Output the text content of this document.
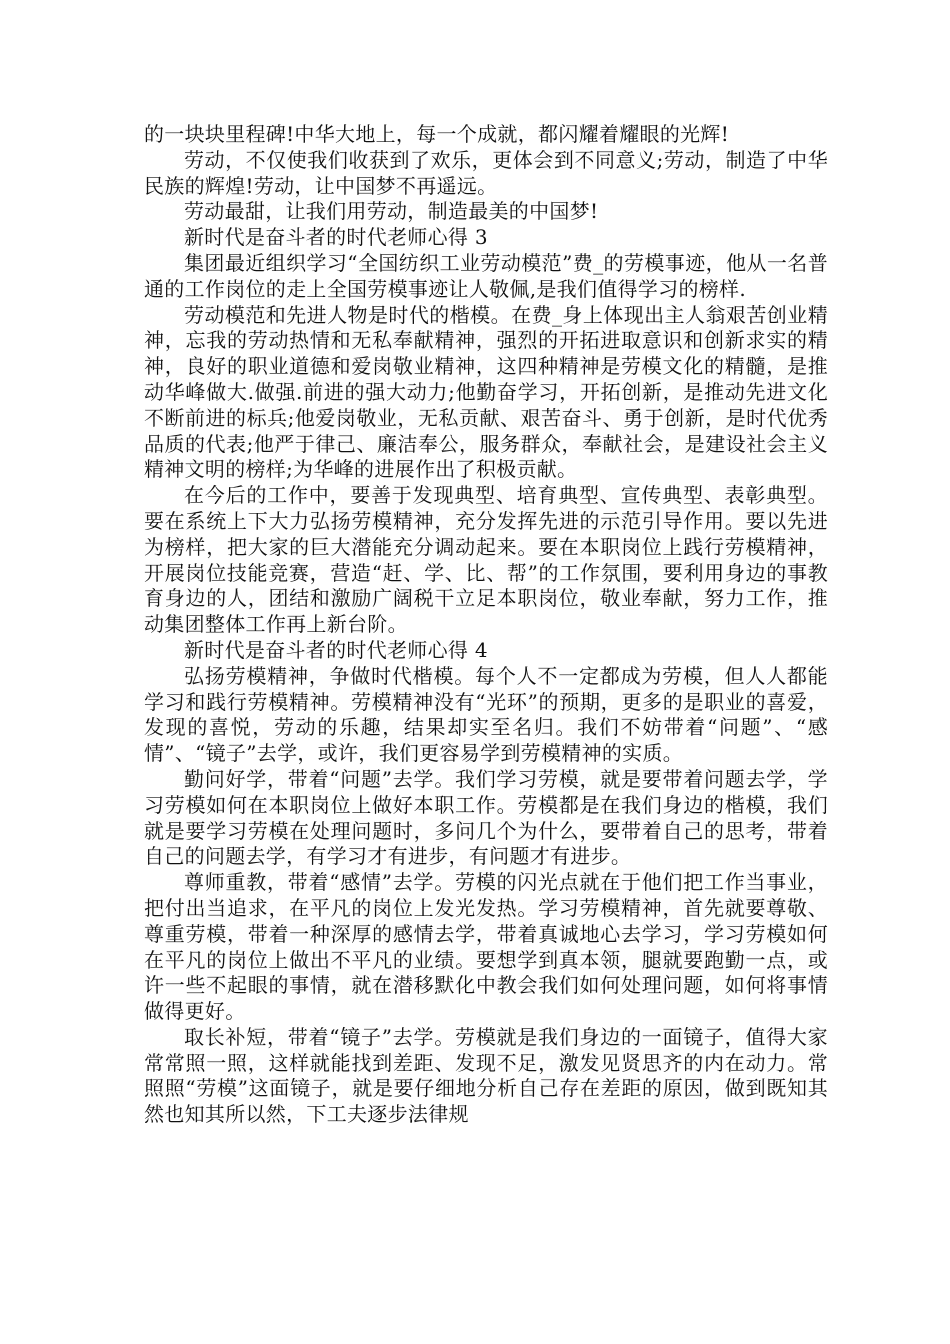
的一块块里程碑!中华大地上，每一个成就，都闪耀着耀眼的光辉!

劳动，不仅使我们收获到了欢乐，更体会到不同意义;劳动，制造了中华民族的辉煌!劳动，让中国梦不再遥远。

劳动最甜，让我们用劳动，制造最美的中国梦!

新时代是奋斗者的时代老师心得 3

集团最近组织学习“全国纺织工业劳动模范”费_的劳模事迹，他从一名普通的工作岗位的走上全国劳模事迹让人敬佩,是我们值得学习的榜样.

劳动模范和先进人物是时代的楷模。在费_身上体现出主人翁艰苦创业精神，忘我的劳动热情和无私奉献精神，强烈的开拓进取意识和创新求实的精神，良好的职业道德和爱岗敬业精神，这四种精神是劳模文化的精髓，是推动华峰做大.做强.前进的强大动力;他勤奋学习，开拓创新，是推动先进文化不断前进的标兵;他爱岗敬业，无私贡献、艰苦奋斗、勇于创新，是时代优秀品质的代表;他严于律己、廉洁奉公，服务群众，奉献社会，是建设社会主义精神文明的榜样;为华峰的进展作出了积极贡献。

在今后的工作中，要善于发现典型、培育典型、宣传典型、表彰典型。要在系统上下大力弘扬劳模精神，充分发挥先进的示范引导作用。要以先进为榜样，把大家的巨大潜能充分调动起来。要在本职岗位上践行劳模精神，开展岗位技能竞赛，营造“赶、学、比、帮”的工作氛围，要利用身边的事教育身边的人，团结和激励广阔税干立足本职岗位，敬业奉献，努力工作，推动集团整体工作再上新台阶。

新时代是奋斗者的时代老师心得 4

弘扬劳模精神，争做时代楷模。每个人不一定都成为劳模，但人人都能学习和践行劳模精神。劳模精神没有“光环”的预期，更多的是职业的喜爱，发现的喜悦，劳动的乐趣，结果却实至名归。我们不妨带着“问题”、“感情”、“镜子”去学，或许，我们更容易学到劳模精神的实质。

勤问好学，带着“问题”去学。我们学习劳模，就是要带着问题去学，学习劳模如何在本职岗位上做好本职工作。劳模都是在我们身边的楷模，我们就是要学习劳模在处理问题时，多问几个为什么，要带着自己的思考，带着自己的问题去学，有学习才有进步，有问题才有进步。

尊师重教，带着“感情”去学。劳模的闪光点就在于他们把工作当事业，把付出当追求，在平凡的岗位上发光发热。学习劳模精神，首先就要尊敬、尊重劳模，带着一种深厚的感情去学，带着真诚地心去学习，学习劳模如何在平凡的岗位上做出不平凡的业绩。要想学到真本领，腿就要跑勤一点，或许一些不起眼的事情，就在潜移默化中教会我们如何处理问题，如何将事情做得更好。

取长补短，带着“镜子”去学。劳模就是我们身边的一面镜子，值得大家常常照一照，这样就能找到差距、发现不足，激发见贤思齐的内在动力。常照照“劳模”这面镜子，就是要仔细地分析自己存在差距的原因，做到既知其然也知其所以然，下工夫逐步法律规
